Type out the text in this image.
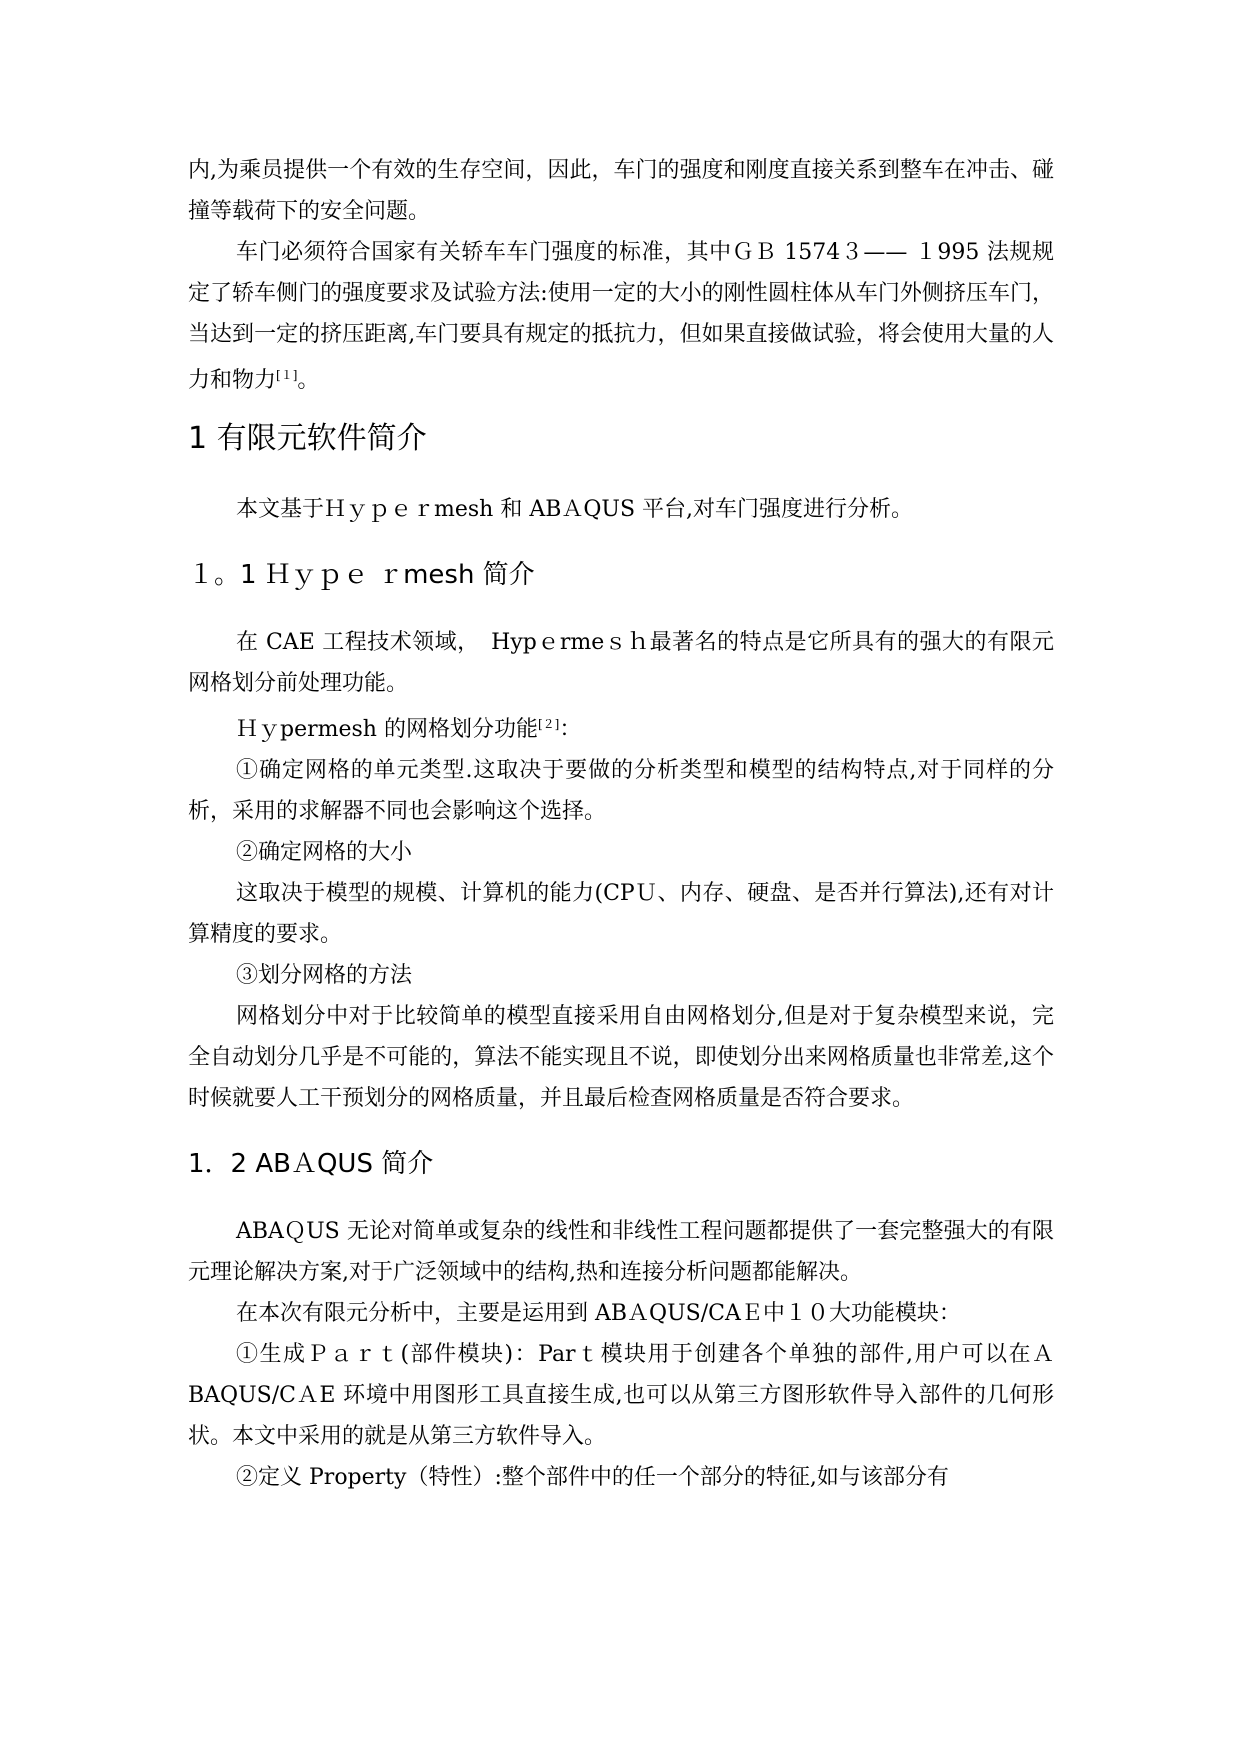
内,为乘员提供一个有效的生存空间，因此，车门的强度和刚度直接关系到整车在冲击、碰撞等载荷下的安全问题。

车门必须符合国家有关轿车车门强度的标准，其中ＧＢ 1574３—— １995 法规规定了轿车侧门的强度要求及试验方法:使用一定的大小的刚性圆柱体从车门外侧挤压车门，当达到一定的挤压距离,车门要具有规定的抵抗力，但如果直接做试验，将会使用大量的人力和物力[１]。

1 有限元软件简介

本文基于Ｈｙｐｅｒmesh 和 ABＡQUS 平台,对车门强度进行分析。

１。1 Ｈｙｐｅ ｒmesh 简介

在 CAE 工程技术领域，　Hypｅrmeｓｈ最著名的特点是它所具有的强大的有限元网格划分前处理功能。

Ｈｙpermesh 的网格划分功能[２]：

①确定网格的单元类型.这取决于要做的分析类型和模型的结构特点,对于同样的分析，采用的求解器不同也会影响这个选择。

②确定网格的大小

这取决于模型的规模、计算机的能力(CPＵ、内存、硬盘、是否并行算法),还有对计算精度的要求。

③划分网格的方法

网格划分中对于比较简单的模型直接采用自由网格划分,但是对于复杂模型来说，完全自动划分几乎是不可能的，算法不能实现且不说，即使划分出来网格质量也非常差,这个时候就要人工干预划分的网格质量，并且最后检查网格质量是否符合要求。

1．2 ABＡQUS 简介

ABAＱUS 无论对简单或复杂的线性和非线性工程问题都提供了一套完整强大的有限元理论解决方案,对于广泛领域中的结构,热和连接分析问题都能解决。

在本次有限元分析中，主要是运用到 ABＡQUS/CAＥ中１０大功能模块：

①生成Ｐａｒｔ(部件模块)：Parｔ模块用于创建各个单独的部件,用户可以在ＡBAQUS/CＡE 环境中用图形工具直接生成,也可以从第三方图形软件导入部件的几何形状。本文中采用的就是从第三方软件导入。

②定义 Property（特性）:整个部件中的任一个部分的特征,如与该部分有
